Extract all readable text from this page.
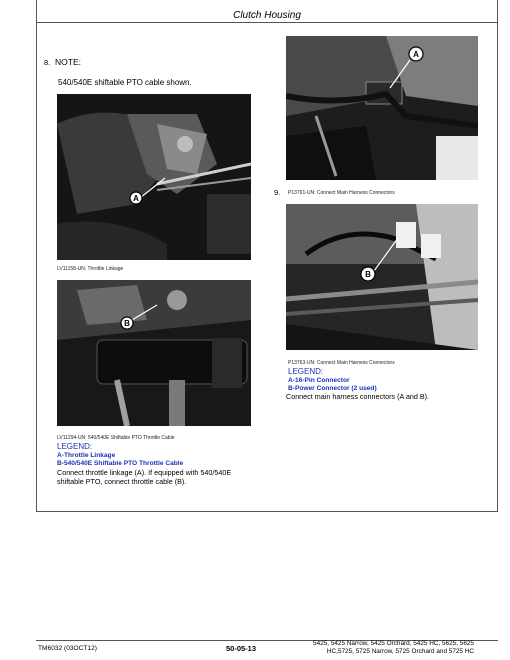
Clutch Housing
8. NOTE:
540/540E shiftable PTO cable shown.
A
LV11158-UN: Throttle Linkage
B
LV11294-UN: 540/540E Shiftable PTO Throttle Cable
LEGEND:
A-Throttle Linkage
B-540/540E Shiftable PTO Throttle Cable
Connect throttle linkage (A). If equipped with 540/540E
shiftable PTO, connect throttle cable (B).
A
9. P13761-UN: Connect Main Harness Connectors
B
P13763-UN: Connect Main Harness Connectors
LEGEND:
A-16-Pin Connector
B-Power Connector (2 used)
Connect main harness connectors (A and B).
TM6032 (03OCT12)	50-05-13
5425, 5425 Narrow, 5425 Orchard, 5425 HC, 5625, 5625
HC,5725, 5725 Narrow, 5725 Orchard and 5725 HC
